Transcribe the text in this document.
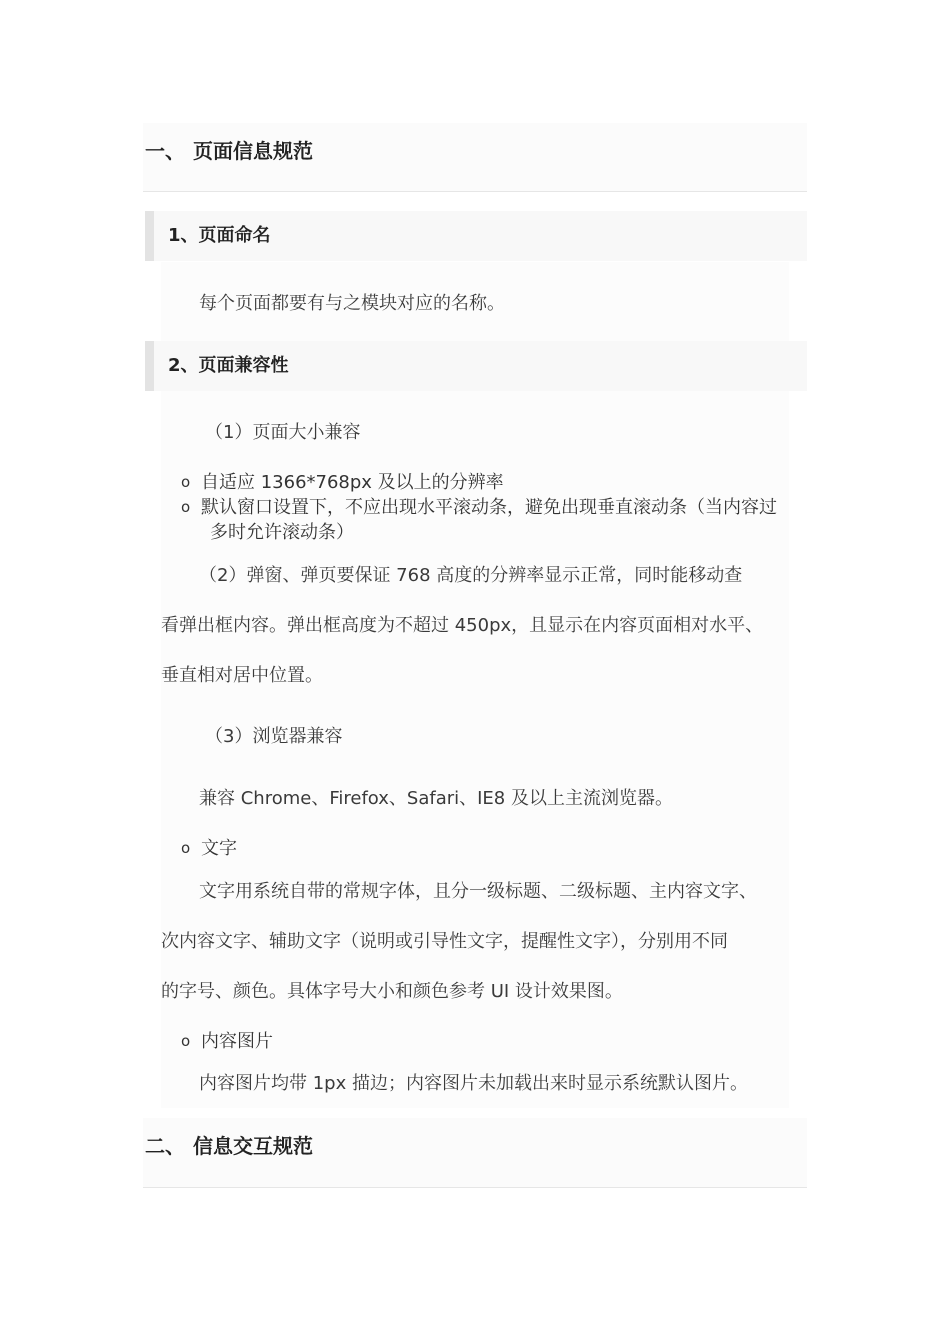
一、 页面信息规范
1、页面命名
每个页面都要有与之模块对应的名称。
2、页面兼容性
（1）页面大小兼容
o 自适应 1366*768px 及以上的分辨率
o 默认窗口设置下，不应出现水平滚动条，避免出现垂直滚动条（当内容过
多时允许滚动条）
（2）弹窗、弹页要保证 768 高度的分辨率显示正常，同时能移动查
看弹出框内容。弹出框高度为不超过 450px，且显示在内容页面相对水平、
垂直相对居中位置。
（3）浏览器兼容
兼容 Chrome、Firefox、Safari、IE8 及以上主流浏览器。
o 文字
文字用系统自带的常规字体，且分一级标题、二级标题、主内容文字、
次内容文字、辅助文字（说明或引导性文字，提醒性文字），分别用不同
的字号、颜色。具体字号大小和颜色参考 UI 设计效果图。
o 内容图片
内容图片均带 1px 描边；内容图片未加载出来时显示系统默认图片。
二、 信息交互规范
